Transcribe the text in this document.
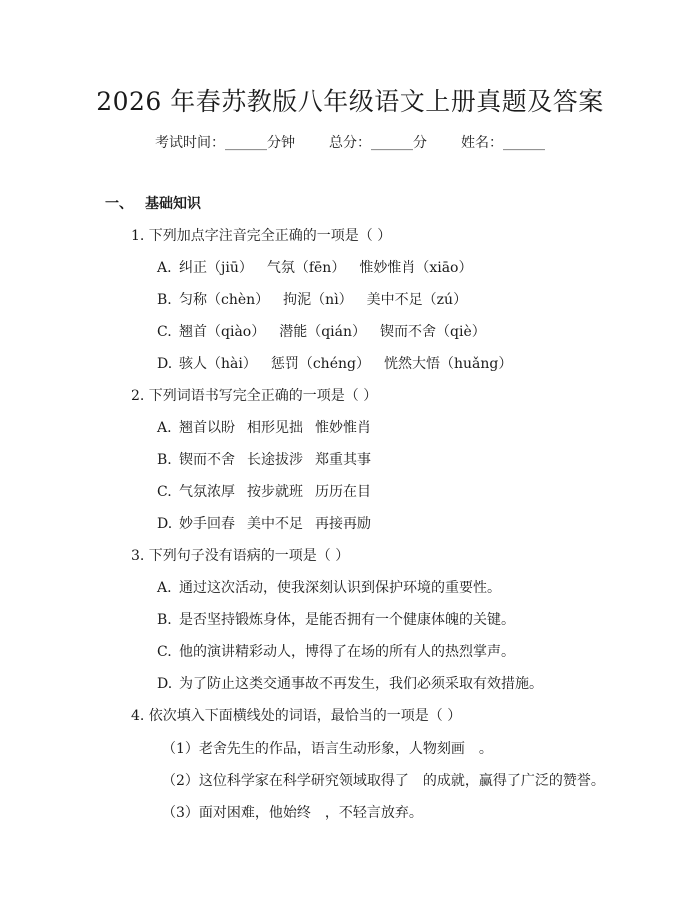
2026 年春苏教版八年级语文上册真题及答案
考试时间：______分钟 总分：______分 姓名：______
一、 基础知识
1. 下列加点字注音完全正确的一项是（ ）
A. 纠正（jiū） 气氛（fēn） 惟妙惟肖（xiāo）
B. 匀称（chèn） 拘泥（nì） 美中不足（zú）
C. 翘首（qiào） 潜能（qián） 锲而不舍（qiè）
D. 骇人（hài） 惩罚（chéng） 恍然大悟（huǎng）
2. 下列词语书写完全正确的一项是（ ）
A. 翘首以盼 相形见拙 惟妙惟肖
B. 锲而不舍 长途拔涉 郑重其事
C. 气氛浓厚 按步就班 历历在目
D. 妙手回春 美中不足 再接再励
3. 下列句子没有语病的一项是（ ）
A. 通过这次活动，使我深刻认识到保护环境的重要性。
B. 是否坚持锻炼身体，是能否拥有一个健康体魄的关键。
C. 他的演讲精彩动人，博得了在场的所有人的热烈掌声。
D. 为了防止这类交通事故不再发生，我们必须采取有效措施。
4. 依次填入下面横线处的词语，最恰当的一项是（ ）
（1）老舍先生的作品，语言生动形象，人物刻画　。
（2）这位科学家在科学研究领域取得了　的成就，赢得了广泛的赞誉。
（3）面对困难，他始终　，不轻言放弃。
